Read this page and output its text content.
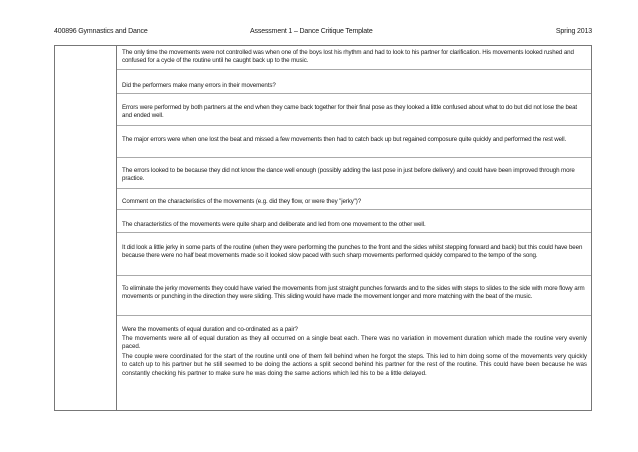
400896 Gymnastics and Dance	Assessment 1 – Dance Critique Template	Spring 2013
The only time the movements were not controlled was when one of the boys lost his rhythm and had to look to his partner for clarification. His movements looked rushed and confused for a cycle of the routine until he caught back up to the music.
Did the performers make many errors in their movements?
Errors were performed by both partners at the end when they came back together for their final pose as they looked a little confused about what to do but did not lose the beat and ended well.
The major errors were when one lost the beat and missed a few movements then had to catch back up but regained composure quite quickly and performed the rest well.
The errors looked to be because they did not know the dance well enough (possibly adding the last pose in just before delivery) and could have been improved through more practice.
Comment on the characteristics of the movements (e.g. did they flow, or were they "jerky")?
The characteristics of the movements were quite sharp and deliberate and led from one movement to the other well.
It did look a little jerky in some parts of the routine (when they were performing the punches to the front and the sides whilst stepping forward and back) but this could have been because there were no half beat movements made so it looked slow paced with such sharp movements performed quickly compared to the tempo of the song.
To eliminate the jerky movements they could have varied the movements from just straight punches forwards and to the sides with steps to slides to the side with more flowy arm movements or punching in the direction they were sliding. This sliding would have made the movement longer and more matching with the beat of the music.
Were the movements of equal duration and co-ordinated as a pair?
The movements were all of equal duration as they all occurred on a single beat each. There was no variation in movement duration which made the routine very evenly paced.
The couple were coordinated for the start of the routine until one of them fell behind when he forgot the steps. This led to him doing some of the movements very quickly to catch up to his partner but he still seemed to be doing the actions a split second behind his partner for the rest of the routine. This could have been because he was constantly checking his partner to make sure he was doing the same actions which led his to be a little delayed.
